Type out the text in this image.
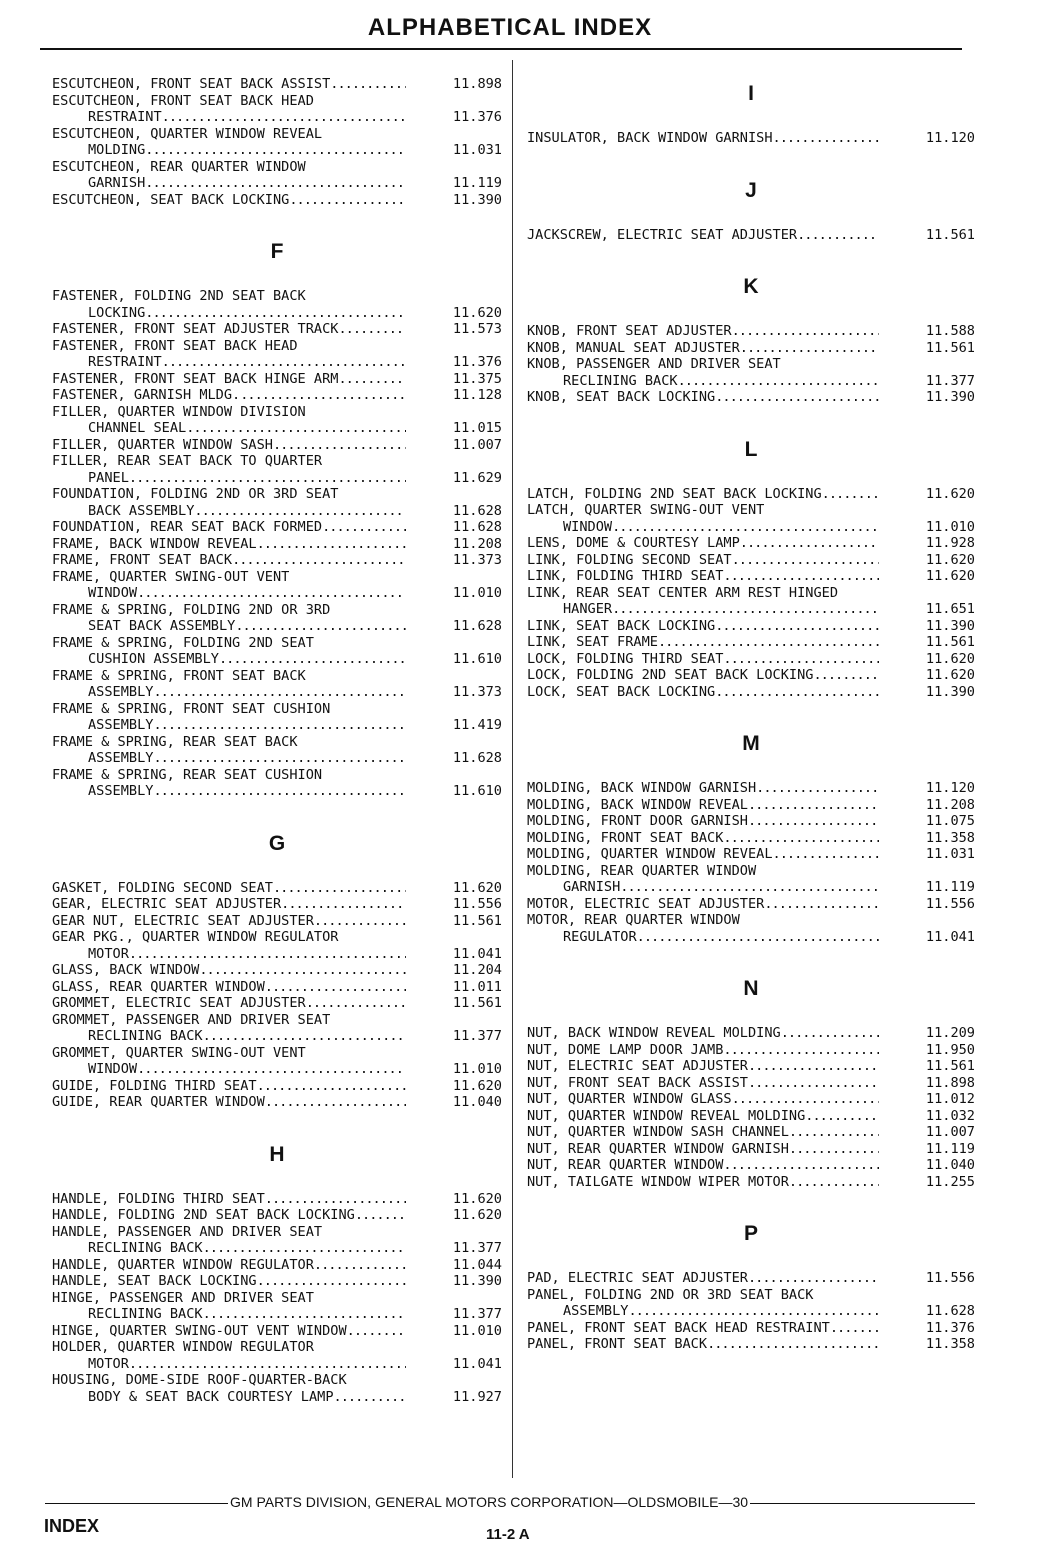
ALPHABETICAL INDEX
ESCUTCHEON, FRONT SEAT BACK ASSIST .....	11.898
ESCUTCHEON, FRONT SEAT BACK HEAD
RESTRAINT .....	11.376
ESCUTCHEON, QUARTER WINDOW REVEAL
MOLDING .....	11.031
ESCUTCHEON, REAR QUARTER WINDOW
GARNISH .....	11.119
ESCUTCHEON, SEAT BACK LOCKING .....	11.390
F
FASTENER, FOLDING 2ND SEAT BACK
LOCKING .....	11.620
FASTENER, FRONT SEAT ADJUSTER TRACK .....	11.573
FASTENER, FRONT SEAT BACK HEAD
RESTRAINT .....	11.376
FASTENER, FRONT SEAT BACK HINGE ARM .....	11.375
FASTENER, GARNISH MLDG. .....	11.128
FILLER, QUARTER WINDOW DIVISION
CHANNEL SEAL .....	11.015
FILLER, QUARTER WINDOW SASH .....	11.007
FILLER, REAR SEAT BACK TO QUARTER
PANEL .....	11.629
FOUNDATION, FOLDING 2ND OR 3RD SEAT
BACK ASSEMBLY .....	11.628
FOUNDATION, REAR SEAT BACK FORMED .....	11.628
FRAME, BACK WINDOW REVEAL .....	11.208
FRAME, FRONT SEAT BACK .....	11.373
FRAME, QUARTER SWING-OUT VENT
WINDOW .....	11.010
FRAME & SPRING, FOLDING 2ND OR 3RD
SEAT BACK ASSEMBLY .....	11.628
FRAME & SPRING, FOLDING 2ND SEAT
CUSHION ASSEMBLY .....	11.610
FRAME & SPRING, FRONT SEAT BACK
ASSEMBLY .....	11.373
FRAME & SPRING, FRONT SEAT CUSHION
ASSEMBLY .....	11.419
FRAME & SPRING, REAR SEAT BACK
ASSEMBLY .....	11.628
FRAME & SPRING, REAR SEAT CUSHION
ASSEMBLY .....	11.610
G
GASKET, FOLDING SECOND SEAT .....	11.620
GEAR, ELECTRIC SEAT ADJUSTER .....	11.556
GEAR NUT, ELECTRIC SEAT ADJUSTER .....	11.561
GEAR PKG., QUARTER WINDOW REGULATOR
MOTOR .....	11.041
GLASS, BACK WINDOW .....	11.204
GLASS, REAR QUARTER WINDOW .....	11.011
GROMMET, ELECTRIC SEAT ADJUSTER .....	11.561
GROMMET, PASSENGER AND DRIVER SEAT
RECLINING BACK .....	11.377
GROMMET, QUARTER SWING-OUT VENT
WINDOW .....	11.010
GUIDE, FOLDING THIRD SEAT .....	11.620
GUIDE, REAR QUARTER WINDOW .....	11.040
H
HANDLE, FOLDING THIRD SEAT .....	11.620
HANDLE, FOLDING 2ND SEAT BACK LOCKING .....	11.620
HANDLE, PASSENGER AND DRIVER SEAT
RECLINING BACK .....	11.377
HANDLE, QUARTER WINDOW REGULATOR .....	11.044
HANDLE, SEAT BACK LOCKING .....	11.390
HINGE, PASSENGER AND DRIVER SEAT
RECLINING BACK .....	11.377
HINGE, QUARTER SWING-OUT VENT WINDOW .....	11.010
HOLDER, QUARTER WINDOW REGULATOR
MOTOR .....	11.041
HOUSING, DOME-SIDE ROOF-QUARTER-BACK
BODY & SEAT BACK COURTESY LAMP .....	11.927
I
INSULATOR, BACK WINDOW GARNISH .....	11.120
J
JACKSCREW, ELECTRIC SEAT ADJUSTER .....	11.561
K
KNOB, FRONT SEAT ADJUSTER .....	11.588
KNOB, MANUAL SEAT ADJUSTER .....	11.561
KNOB, PASSENGER AND DRIVER SEAT
RECLINING BACK .....	11.377
KNOB, SEAT BACK LOCKING .....	11.390
L
LATCH, FOLDING 2ND SEAT BACK LOCKING .....	11.620
LATCH, QUARTER SWING-OUT VENT
WINDOW .....	11.010
LENS, DOME & COURTESY LAMP .....	11.928
LINK, FOLDING SECOND SEAT .....	11.620
LINK, FOLDING THIRD SEAT .....	11.620
LINK, REAR SEAT CENTER ARM REST HINGED
HANGER .....	11.651
LINK, SEAT BACK LOCKING .....	11.390
LINK, SEAT FRAME .....	11.561
LOCK, FOLDING THIRD SEAT .....	11.620
LOCK, FOLDING 2ND SEAT BACK LOCKING .....	11.620
LOCK, SEAT BACK LOCKING .....	11.390
M
MOLDING, BACK WINDOW GARNISH .....	11.120
MOLDING, BACK WINDOW REVEAL .....	11.208
MOLDING, FRONT DOOR GARNISH .....	11.075
MOLDING, FRONT SEAT BACK .....	11.358
MOLDING, QUARTER WINDOW REVEAL .....	11.031
MOLDING, REAR QUARTER WINDOW
GARNISH .....	11.119
MOTOR, ELECTRIC SEAT ADJUSTER .....	11.556
MOTOR, REAR QUARTER WINDOW
REGULATOR .....	11.041
N
NUT, BACK WINDOW REVEAL MOLDING .....	11.209
NUT, DOME LAMP DOOR JAMB .....	11.950
NUT, ELECTRIC SEAT ADJUSTER .....	11.561
NUT, FRONT SEAT BACK ASSIST .....	11.898
NUT, QUARTER WINDOW GLASS .....	11.012
NUT, QUARTER WINDOW REVEAL MOLDING .....	11.032
NUT, QUARTER WINDOW SASH CHANNEL .....	11.007
NUT, REAR QUARTER WINDOW GARNISH .....	11.119
NUT, REAR QUARTER WINDOW .....	11.040
NUT, TAILGATE WINDOW WIPER MOTOR .....	11.255
P
PAD, ELECTRIC SEAT ADJUSTER .....	11.556
PANEL, FOLDING 2ND OR 3RD SEAT BACK
ASSEMBLY .....	11.628
PANEL, FRONT SEAT BACK HEAD RESTRAINT .....	11.376
PANEL, FRONT SEAT BACK .....	11.358
GM PARTS DIVISION, GENERAL MOTORS CORPORATION—OLDSMOBILE—30
INDEX	11-2 A
